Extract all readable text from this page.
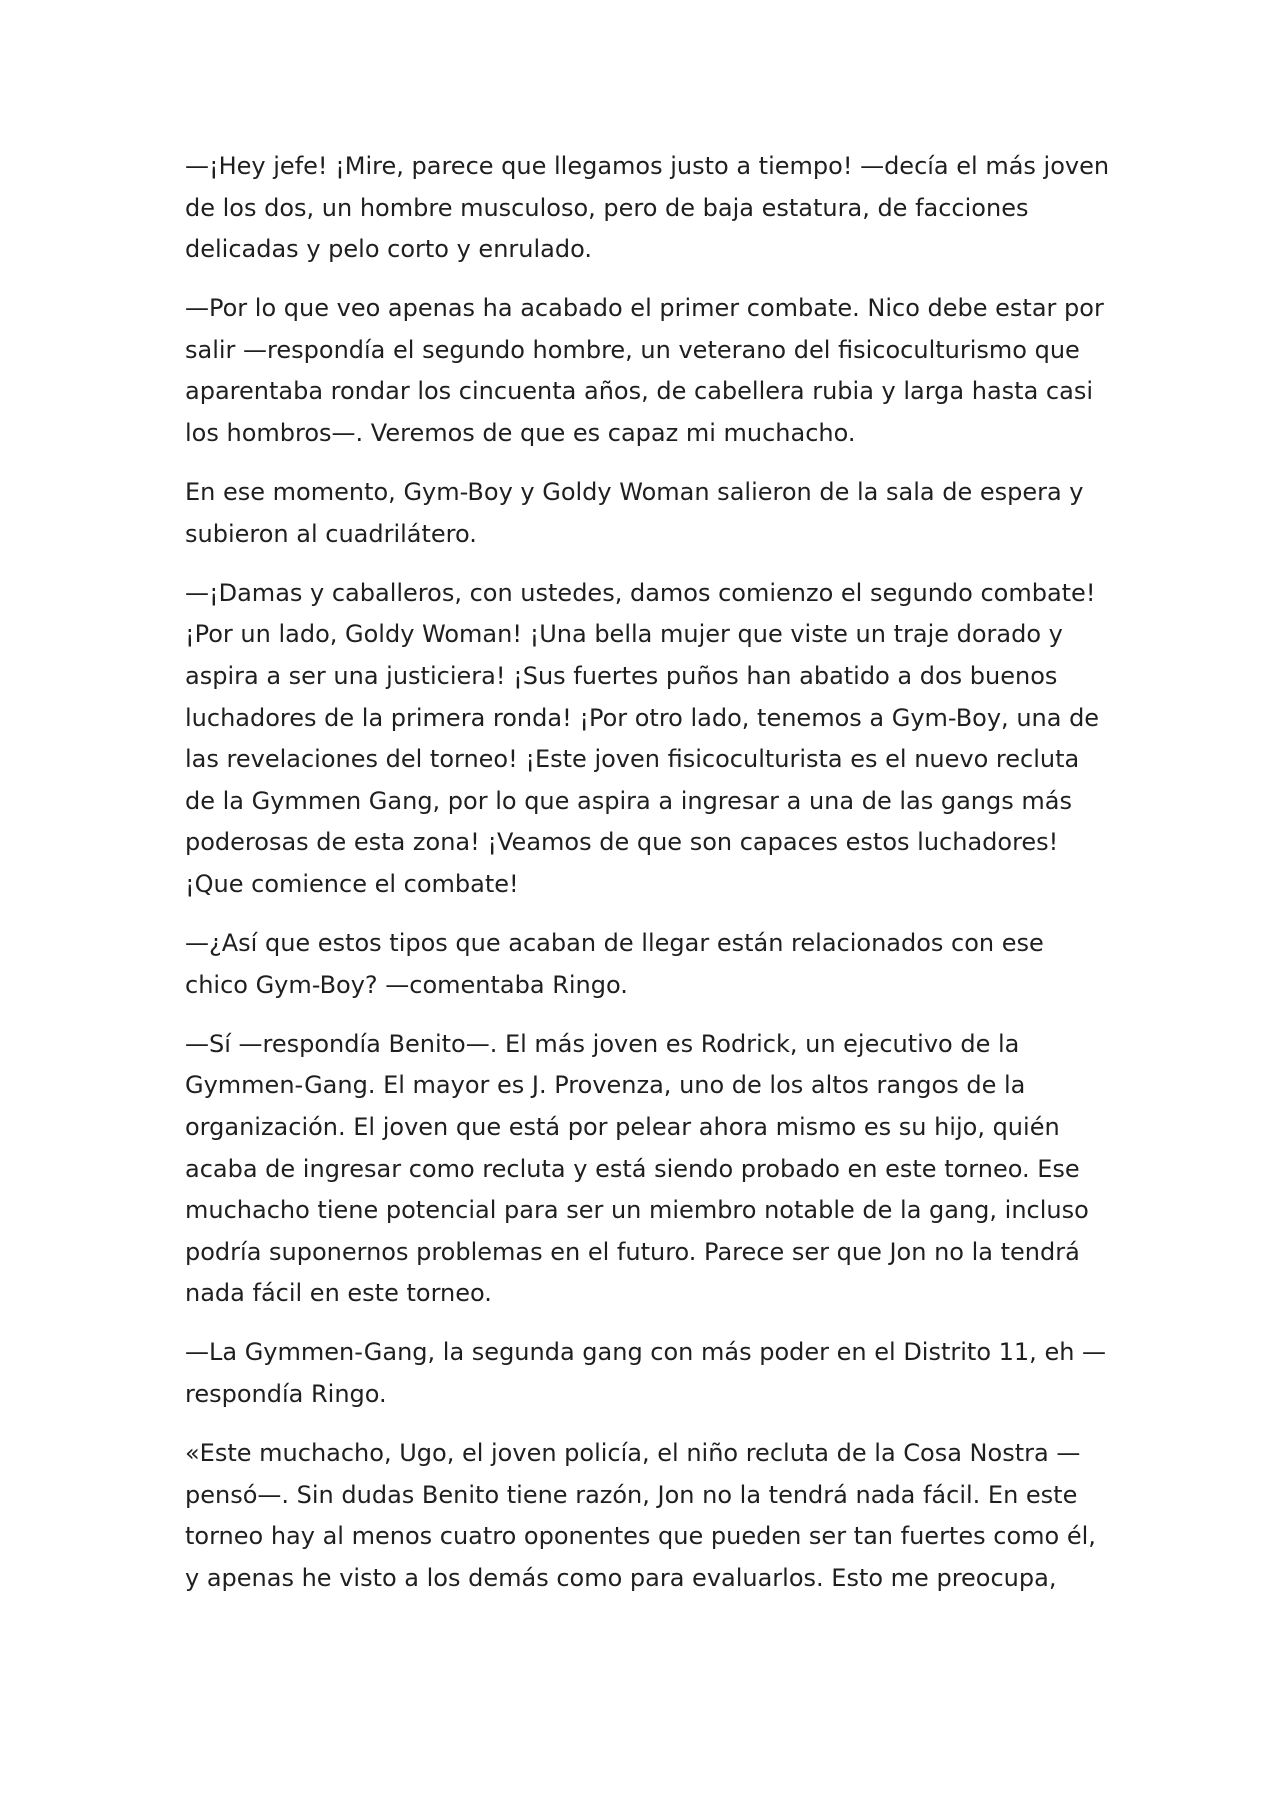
—¡Hey jefe! ¡Mire, parece que llegamos justo a tiempo! —decía el más joven
de los dos, un hombre musculoso, pero de baja estatura, de facciones
delicadas y pelo corto y enrulado.

—Por lo que veo apenas ha acabado el primer combate. Nico debe estar por
salir —respondía el segundo hombre, un veterano del fisicoculturismo que
aparentaba rondar los cincuenta años, de cabellera rubia y larga hasta casi
los hombros—. Veremos de que es capaz mi muchacho.

En ese momento, Gym-Boy y Goldy Woman salieron de la sala de espera y
subieron al cuadrilátero.

—¡Damas y caballeros, con ustedes, damos comienzo el segundo combate!
¡Por un lado, Goldy Woman! ¡Una bella mujer que viste un traje dorado y
aspira a ser una justiciera! ¡Sus fuertes puños han abatido a dos buenos
luchadores de la primera ronda! ¡Por otro lado, tenemos a Gym-Boy, una de
las revelaciones del torneo! ¡Este joven fisicoculturista es el nuevo recluta
de la Gymmen Gang, por lo que aspira a ingresar a una de las gangs más
poderosas de esta zona! ¡Veamos de que son capaces estos luchadores!
¡Que comience el combate!

—¿Así que estos tipos que acaban de llegar están relacionados con ese
chico Gym-Boy? —comentaba Ringo.

—Sí —respondía Benito—. El más joven es Rodrick, un ejecutivo de la
Gymmen-Gang. El mayor es J. Provenza, uno de los altos rangos de la
organización. El joven que está por pelear ahora mismo es su hijo, quién
acaba de ingresar como recluta y está siendo probado en este torneo. Ese
muchacho tiene potencial para ser un miembro notable de la gang, incluso
podría suponernos problemas en el futuro. Parece ser que Jon no la tendrá
nada fácil en este torneo.

—La Gymmen-Gang, la segunda gang con más poder en el Distrito 11, eh —
respondía Ringo.

«Este muchacho, Ugo, el joven policía, el niño recluta de la Cosa Nostra —
pensó—. Sin dudas Benito tiene razón, Jon no la tendrá nada fácil. En este
torneo hay al menos cuatro oponentes que pueden ser tan fuertes como él,
y apenas he visto a los demás como para evaluarlos. Esto me preocupa,
